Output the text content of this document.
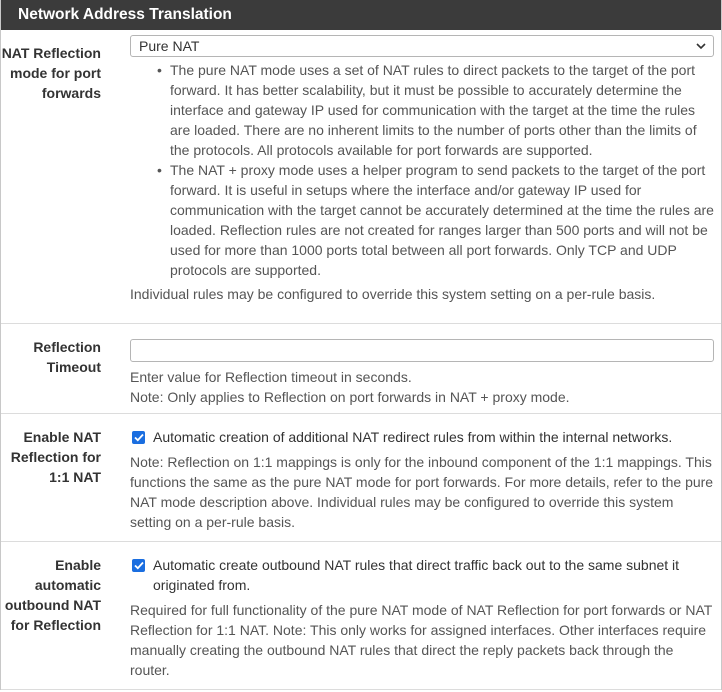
Network Address Translation
NAT Reflection mode for port forwards
Pure NAT
• The pure NAT mode uses a set of NAT rules to direct packets to the target of the port forward. It has better scalability, but it must be possible to accurately determine the interface and gateway IP used for communication with the target at the time the rules are loaded. There are no inherent limits to the number of ports other than the limits of the protocols. All protocols available for port forwards are supported.
• The NAT + proxy mode uses a helper program to send packets to the target of the port forward. It is useful in setups where the interface and/or gateway IP used for communication with the target cannot be accurately determined at the time the rules are loaded. Reflection rules are not created for ranges larger than 500 ports and will not be used for more than 1000 ports total between all port forwards. Only TCP and UDP protocols are supported.
Individual rules may be configured to override this system setting on a per-rule basis.
Reflection Timeout
Enter value for Reflection timeout in seconds.
Note: Only applies to Reflection on port forwards in NAT + proxy mode.
Enable NAT Reflection for 1:1 NAT
Automatic creation of additional NAT redirect rules from within the internal networks.
Note: Reflection on 1:1 mappings is only for the inbound component of the 1:1 mappings. This functions the same as the pure NAT mode for port forwards. For more details, refer to the pure NAT mode description above. Individual rules may be configured to override this system setting on a per-rule basis.
Enable automatic outbound NAT for Reflection
Automatic create outbound NAT rules that direct traffic back out to the same subnet it originated from.
Required for full functionality of the pure NAT mode of NAT Reflection for port forwards or NAT Reflection for 1:1 NAT. Note: This only works for assigned interfaces. Other interfaces require manually creating the outbound NAT rules that direct the reply packets back through the router.
